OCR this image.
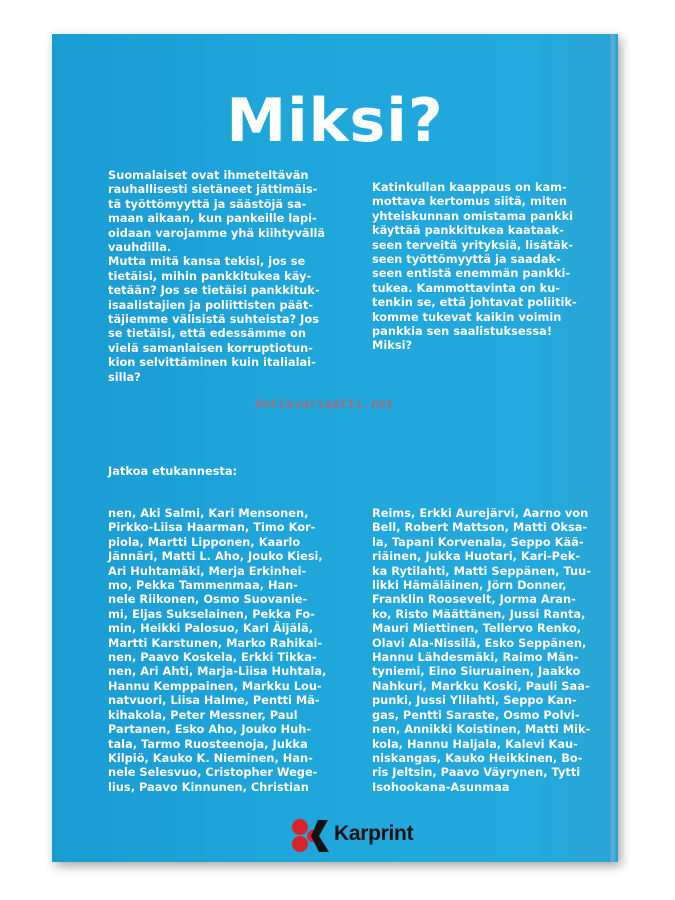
Miksi?

Suomalaiset ovat ihmeteltävän
rauhallisesti sietäneet jättimäis-
tä työttömyyttä ja säästöjä sa-
maan aikaan, kun pankeille lapi-
oidaan varojamme yhä kiihtyvällä
vauhdilla.
Mutta mitä kansa tekisi, jos se
tietäisi, mihin pankkitukea käy-
tetään? Jos se tietäisi pankkituk-
isaalistajien ja poliittisten päät-
täjiemme välisistä suhteista? Jos
se tietäisi, että edessämme on
vielä samanlaisen korruptiotun-
kion selvittäminen kuin italialai-
silla?

Katinkullan kaappaus on kam-
mottava kertomus siitä, miten
yhteiskunnan omistama pankki
käyttää pankkitukea kaataak-
seen terveitä yrityksiä, lisätäk-
seen työttömyyttä ja saadak-
seen entistä enemmän pankki-
tukea. Kammottavinta on ku-
tenkin se, että johtavat poliitik-
komme tukevat kaikin voimin
pankkia sen saalistuksessa!
Miksi?

Jatkoa etukannesta:

nen, Aki Salmi, Kari Mensonen,
Pirkko-Liisa Haarman, Timo Kor-
piola, Martti Lipponen, Kaarlo
Jännäri, Matti L. Aho, Jouko Kiesi,
Ari Huhtamäki, Merja Erkinhei-
mo, Pekka Tammenmaa, Han-
nele Riikonen, Osmo Suovanie-
mi, Eljas Sukselainen, Pekka Fo-
min, Heikki Palosuo, Kari Äijälä,
Martti Karstunen, Marko Rahikai-
nen, Paavo Koskela, Erkki Tikka-
nen, Ari Ahti, Marja-Liisa Huhtala,
Hannu Kemppainen, Markku Lou-
natvuori, Liisa Halme, Pentti Mä-
kihakola, Peter Messner, Paul
Partanen, Esko Aho, Jouko Huh-
tala, Tarmo Ruosteenoja, Jukka
Kilpiö, Kauko K. Nieminen, Han-
nele Selesvuo, Cristopher Wege-
lius, Paavo Kinnunen, Christian

Reims, Erkki Aurejärvi, Aarno von
Bell, Robert Mattson, Matti Oksa-
la, Tapani Korvenala, Seppo Kää-
riäinen, Jukka Huotari, Kari-Pek-
ka Rytilahti, Matti Seppänen, Tuu-
likki Hämäläinen, Jörn Donner,
Franklin Roosevelt, Jorma Aran-
ko, Risto Määttänen, Jussi Ranta,
Mauri Miettinen, Tellervo Renko,
Olavi Ala-Nissilä, Esko Seppänen,
Hannu Lähdesmäki, Raimo Män-
tyniemi, Eino Siuruainen, Jaakko
Nahkuri, Markku Koski, Pauli Saa-
punki, Jussi Ylilahti, Seppo Kan-
gas, Pentti Saraste, Osmo Polvi-
nen, Annikki Koistinen, Matti Mik-
kola, Hannu Haljala, Kalevi Kau-
niskangas, Kauko Heikkinen, Bo-
ris Jeltsin, Paavo Väyrynen, Tytti
Isohookana-Asunmaa

Karprint
Antikvariaatti.net
